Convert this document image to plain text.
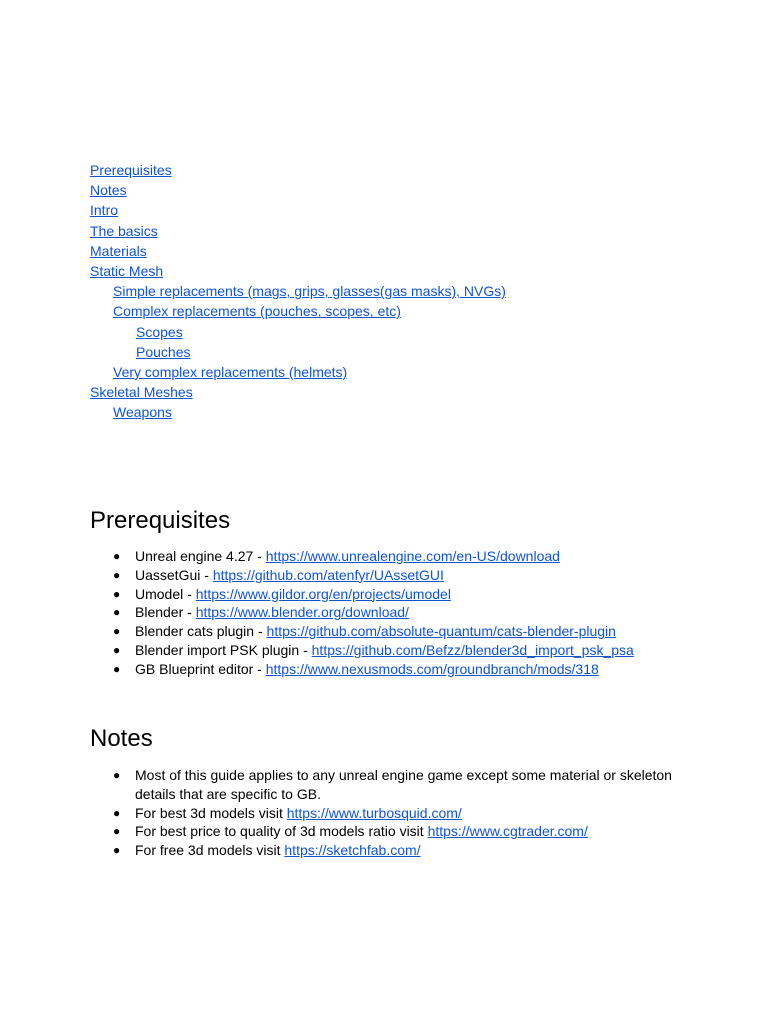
Prerequisites
Notes
Intro
The basics
Materials
Static Mesh
Simple replacements (mags, grips, glasses(gas masks), NVGs)
Complex replacements (pouches, scopes, etc)
Scopes
Pouches
Very complex replacements (helmets)
Skeletal Meshes
Weapons
Prerequisites
● Unreal engine 4.27 - https://www.unrealengine.com/en-US/download
● UassetGui - https://github.com/atenfyr/UAssetGUI
● Umodel - https://www.gildor.org/en/projects/umodel
● Blender - https://www.blender.org/download/
● Blender cats plugin - https://github.com/absolute-quantum/cats-blender-plugin
● Blender import PSK plugin - https://github.com/Befzz/blender3d_import_psk_psa
● GB Blueprint editor - https://www.nexusmods.com/groundbranch/mods/318
Notes
● Most of this guide applies to any unreal engine game except some material or skeleton details that are specific to GB.
● For best 3d models visit https://www.turbosquid.com/
● For best price to quality of 3d models ratio visit https://www.cgtrader.com/
● For free 3d models visit https://sketchfab.com/
